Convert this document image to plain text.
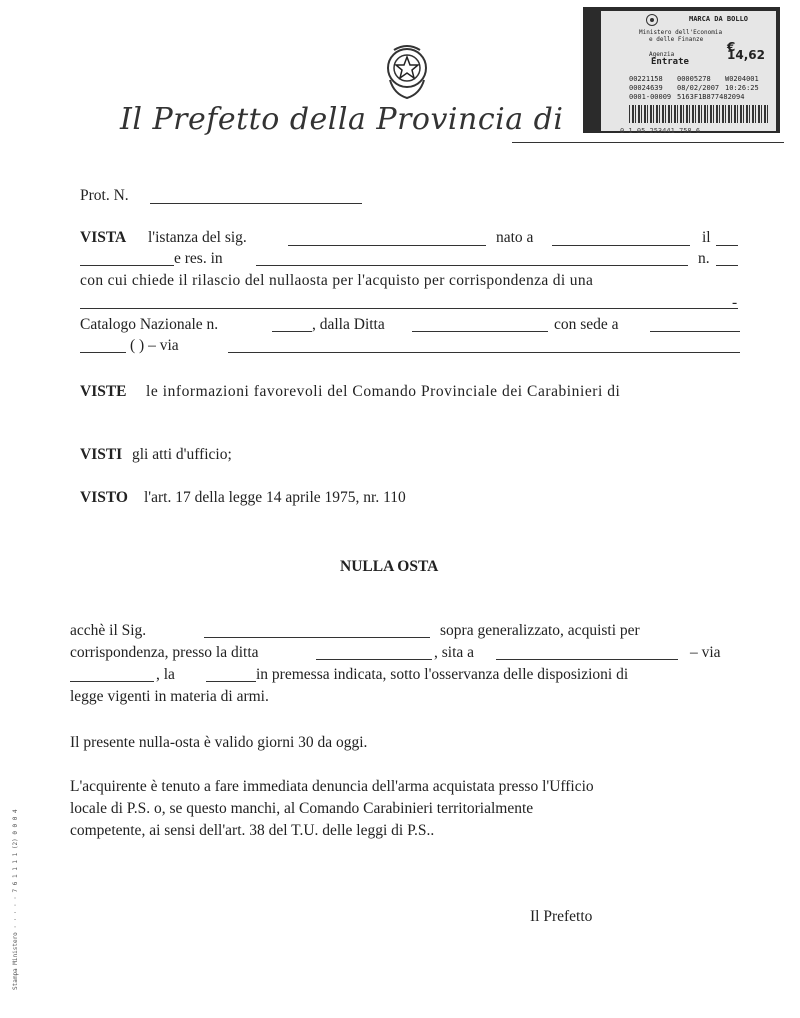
Il Prefetto della Provincia di
MARCA DA BOLLO
Ministero dell'Economia
e delle Finanze
€ 14,62
Agenzia
Entrate
00221158 00005278 W0204001
00024639 08/02/2007 10:26:25
0001-00009 5163F1B877482094
0 1 05 253441 758 6
Prot. N.
VISTA l'istanza del sig.	nato a	il
e res. in	n.
con cui chiede il rilascio del nullaosta per l'acquisto per corrispondenza di una
-
Catalogo Nazionale n.	, dalla Ditta	con sede a
( ) – via
VISTE le informazioni favorevoli del Comando Provinciale dei Carabinieri di
VISTI gli atti d'ufficio;
VISTO l'art. 17 della legge 14 aprile 1975, nr. 110
NULLA OSTA
acchè il Sig.	sopra generalizzato, acquisti per
corrispondenza, presso la ditta	, sita a	– via
, la	in premessa indicata, sotto l'osservanza delle disposizioni di
legge vigenti in materia di armi.
Il presente nulla-osta è valido giorni 30 da oggi.
L'acquirente è tenuto a fare immediata denuncia dell'arma acquistata presso l'Ufficio
locale di P.S. o, se questo manchi, al Comando Carabinieri territorialmente
competente, ai sensi dell'art. 38 del T.U. delle leggi di P.S..
Il Prefetto
Stampa Ministero · · · · · 7 6 1 1 1 1 (2) 0 0 0 4
